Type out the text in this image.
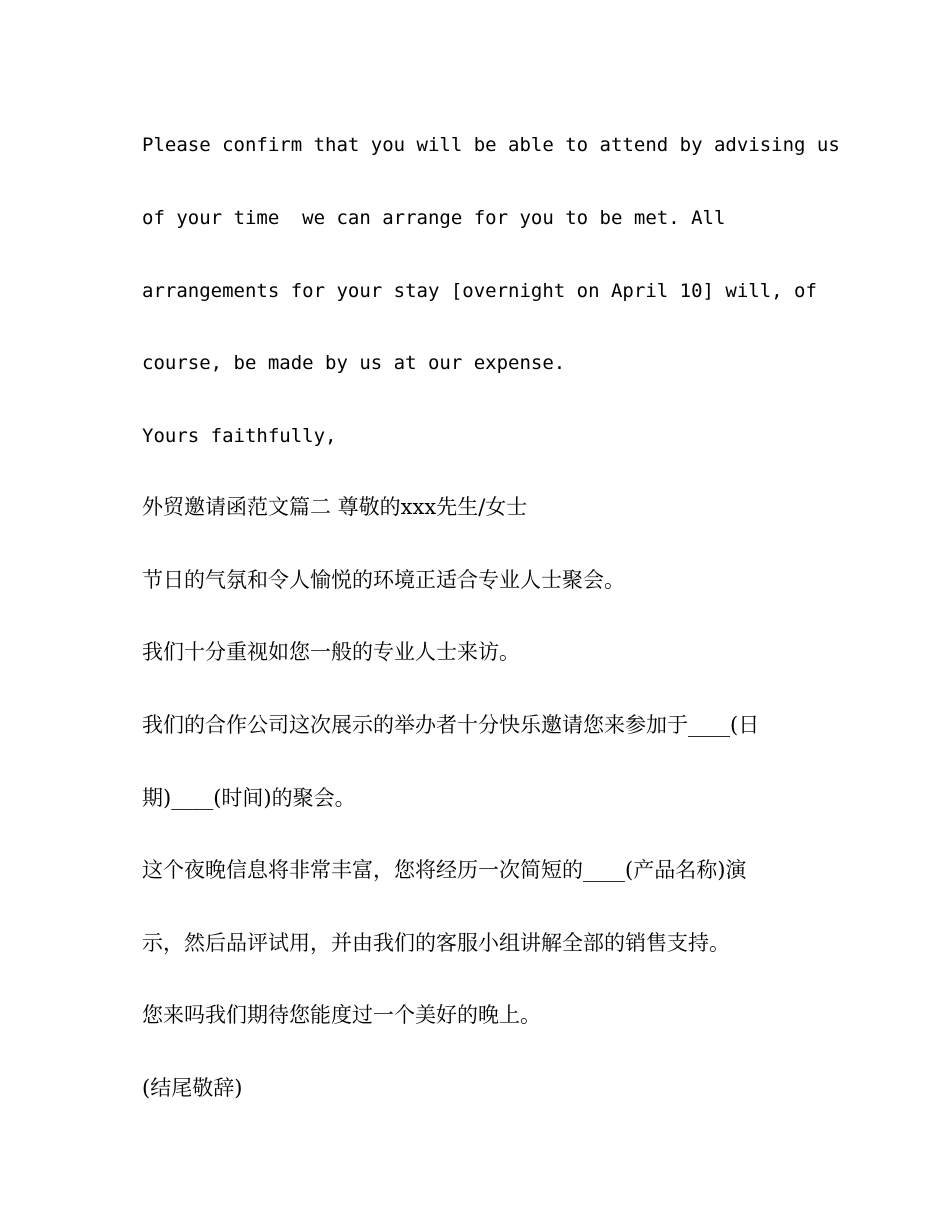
Please confirm that you will be able to attend by advising us

of your time  we can arrange for you to be met. All

arrangements for your stay [overnight on April 10] will, of

course, be made by us at our expense.

Yours faithfully,

外贸邀请函范文篇二 尊敬的xxx先生/女士

节日的气氛和令人愉悦的环境正适合专业人士聚会。

我们十分重视如您一般的专业人士来访。

我们的合作公司这次展示的举办者十分快乐邀请您来参加于____(日

期)____(时间)的聚会。

这个夜晚信息将非常丰富，您将经历一次简短的____(产品名称)演

示，然后品评试用，并由我们的客服小组讲解全部的销售支持。

您来吗我们期待您能度过一个美好的晚上。

(结尾敬辞)
